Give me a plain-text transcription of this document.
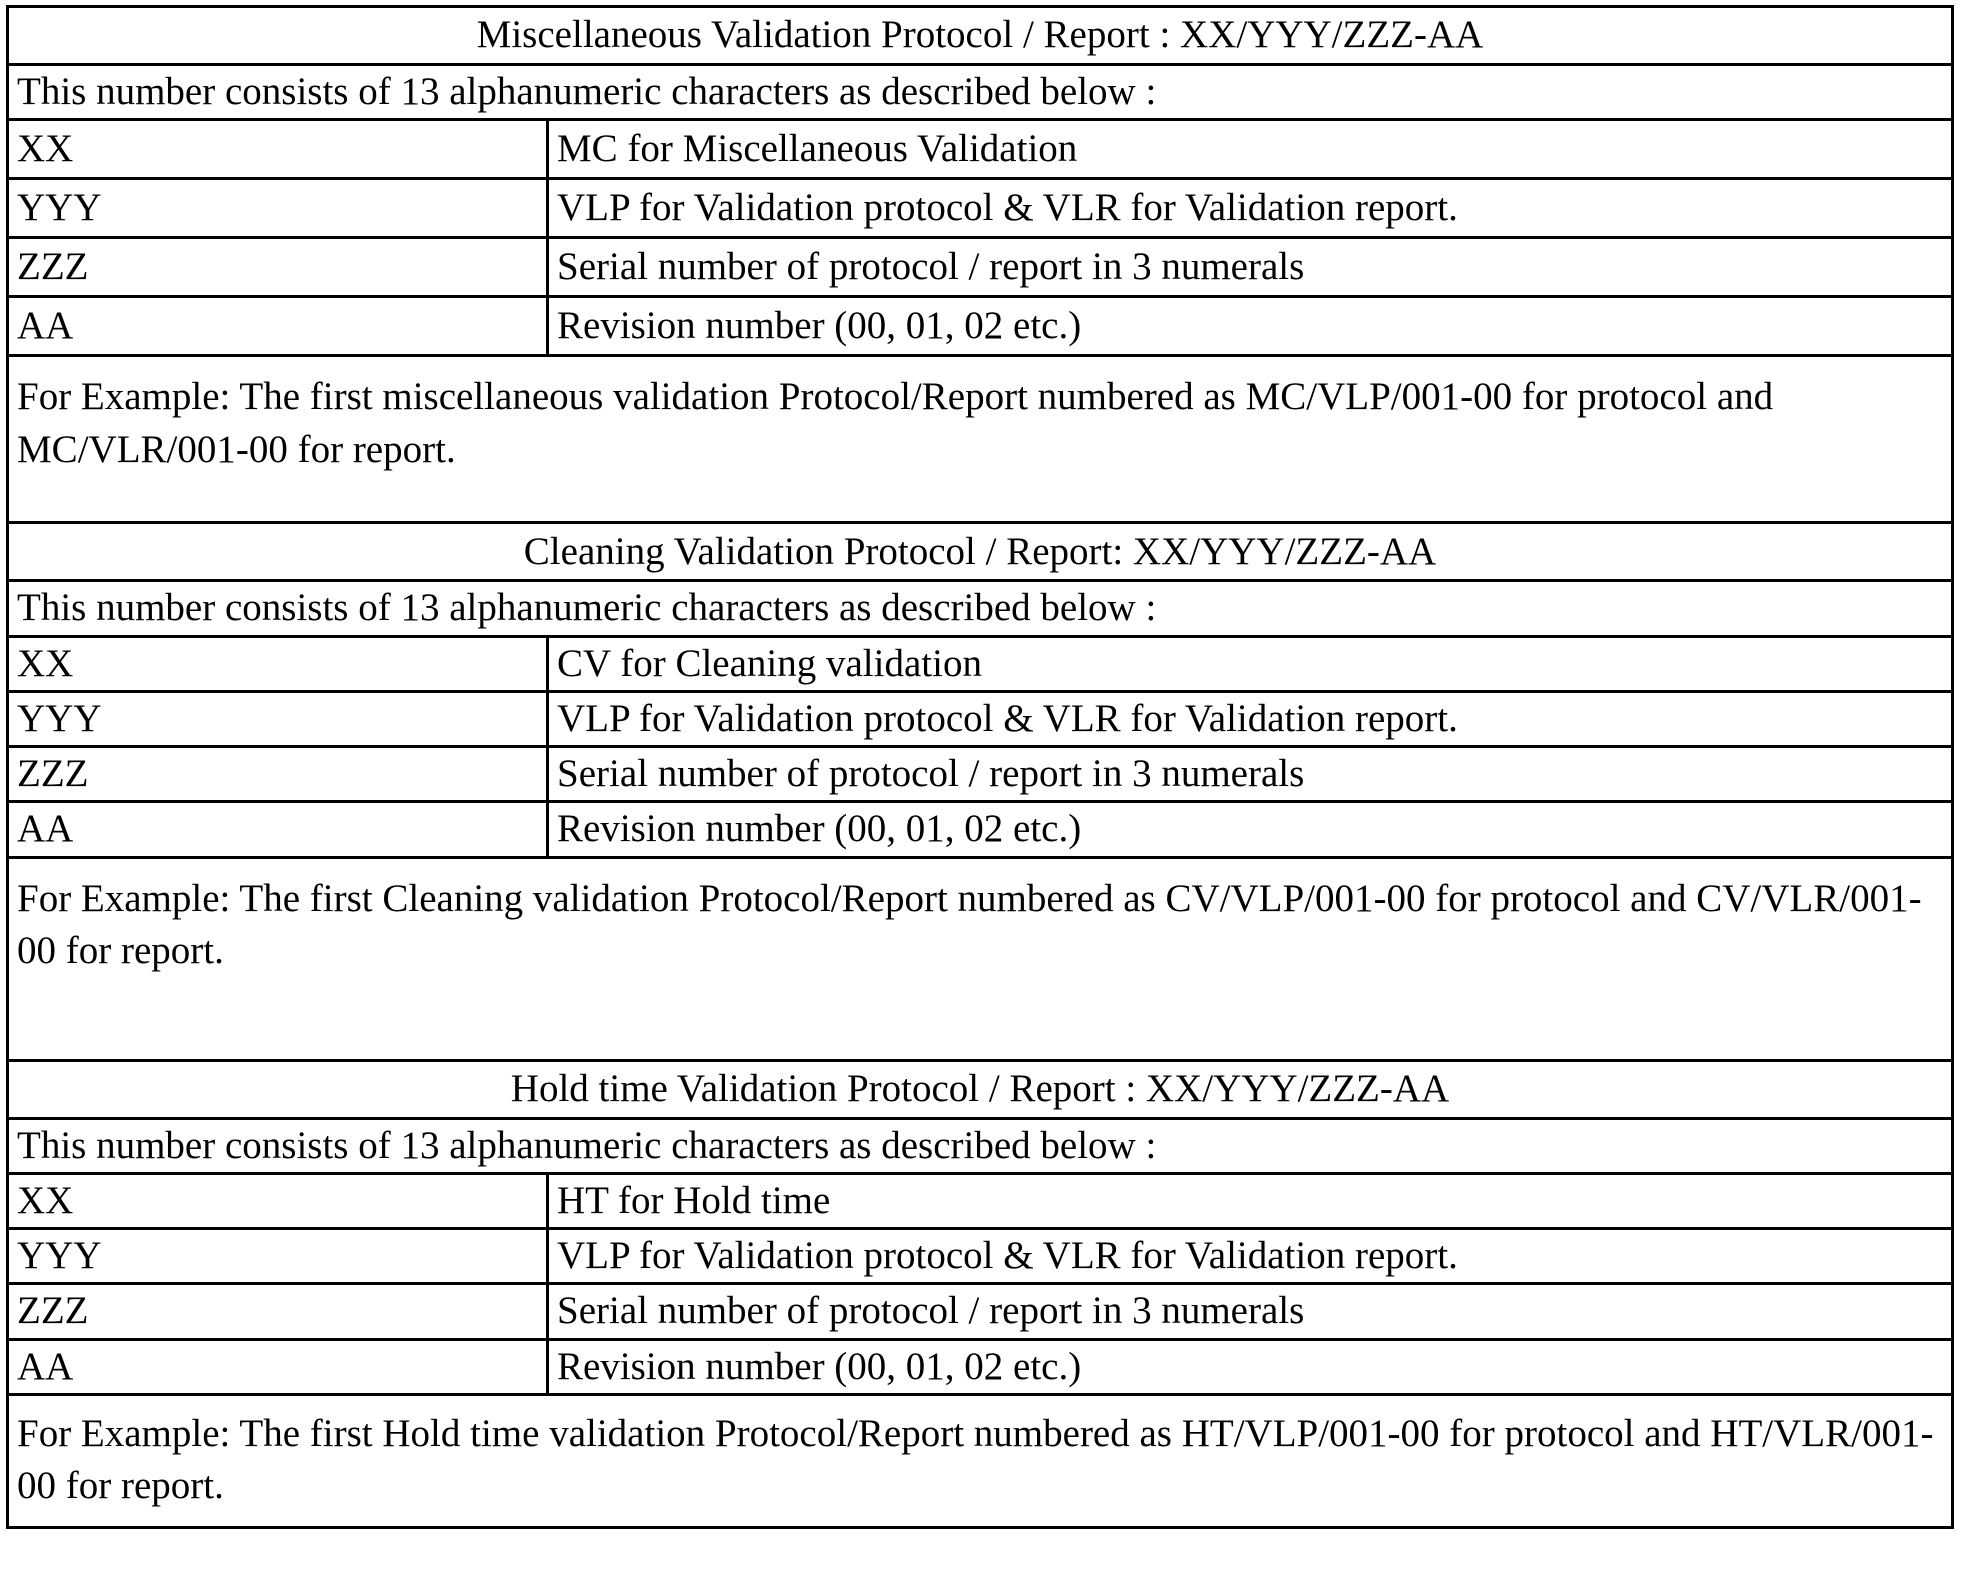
Miscellaneous Validation Protocol / Report : XX/YYY/ZZZ-AA	
This number consists of 13 alphanumeric characters as described below :	
XX	MC for Miscellaneous Validation
YYY	VLP for Validation protocol & VLR for Validation report.
ZZZ	Serial number of protocol / report in 3 numerals
AA	Revision number (00, 01, 02 etc.)
For Example: The first miscellaneous validation Protocol/Report numbered as MC/VLP/001-00 for protocol and MC/VLR/001-00 for report.	
Cleaning Validation Protocol / Report: XX/YYY/ZZZ-AA	
This number consists of 13 alphanumeric characters as described below :	
XX	CV for Cleaning validation
YYY	VLP for Validation protocol & VLR for Validation report.
ZZZ	Serial number of protocol / report in 3 numerals
AA	Revision number (00, 01, 02 etc.)
For Example: The first Cleaning validation Protocol/Report numbered as CV/VLP/001-00 for protocol and CV/VLR/001-00 for report.	
Hold time Validation Protocol / Report : XX/YYY/ZZZ-AA	
This number consists of 13 alphanumeric characters as described below :	
XX	HT for Hold time
YYY	VLP for Validation protocol & VLR for Validation report.
ZZZ	Serial number of protocol / report in 3 numerals
AA	Revision number (00, 01, 02 etc.)
For Example: The first Hold time validation Protocol/Report numbered as HT/VLP/001-00 for protocol and HT/VLR/001-00 for report.	
